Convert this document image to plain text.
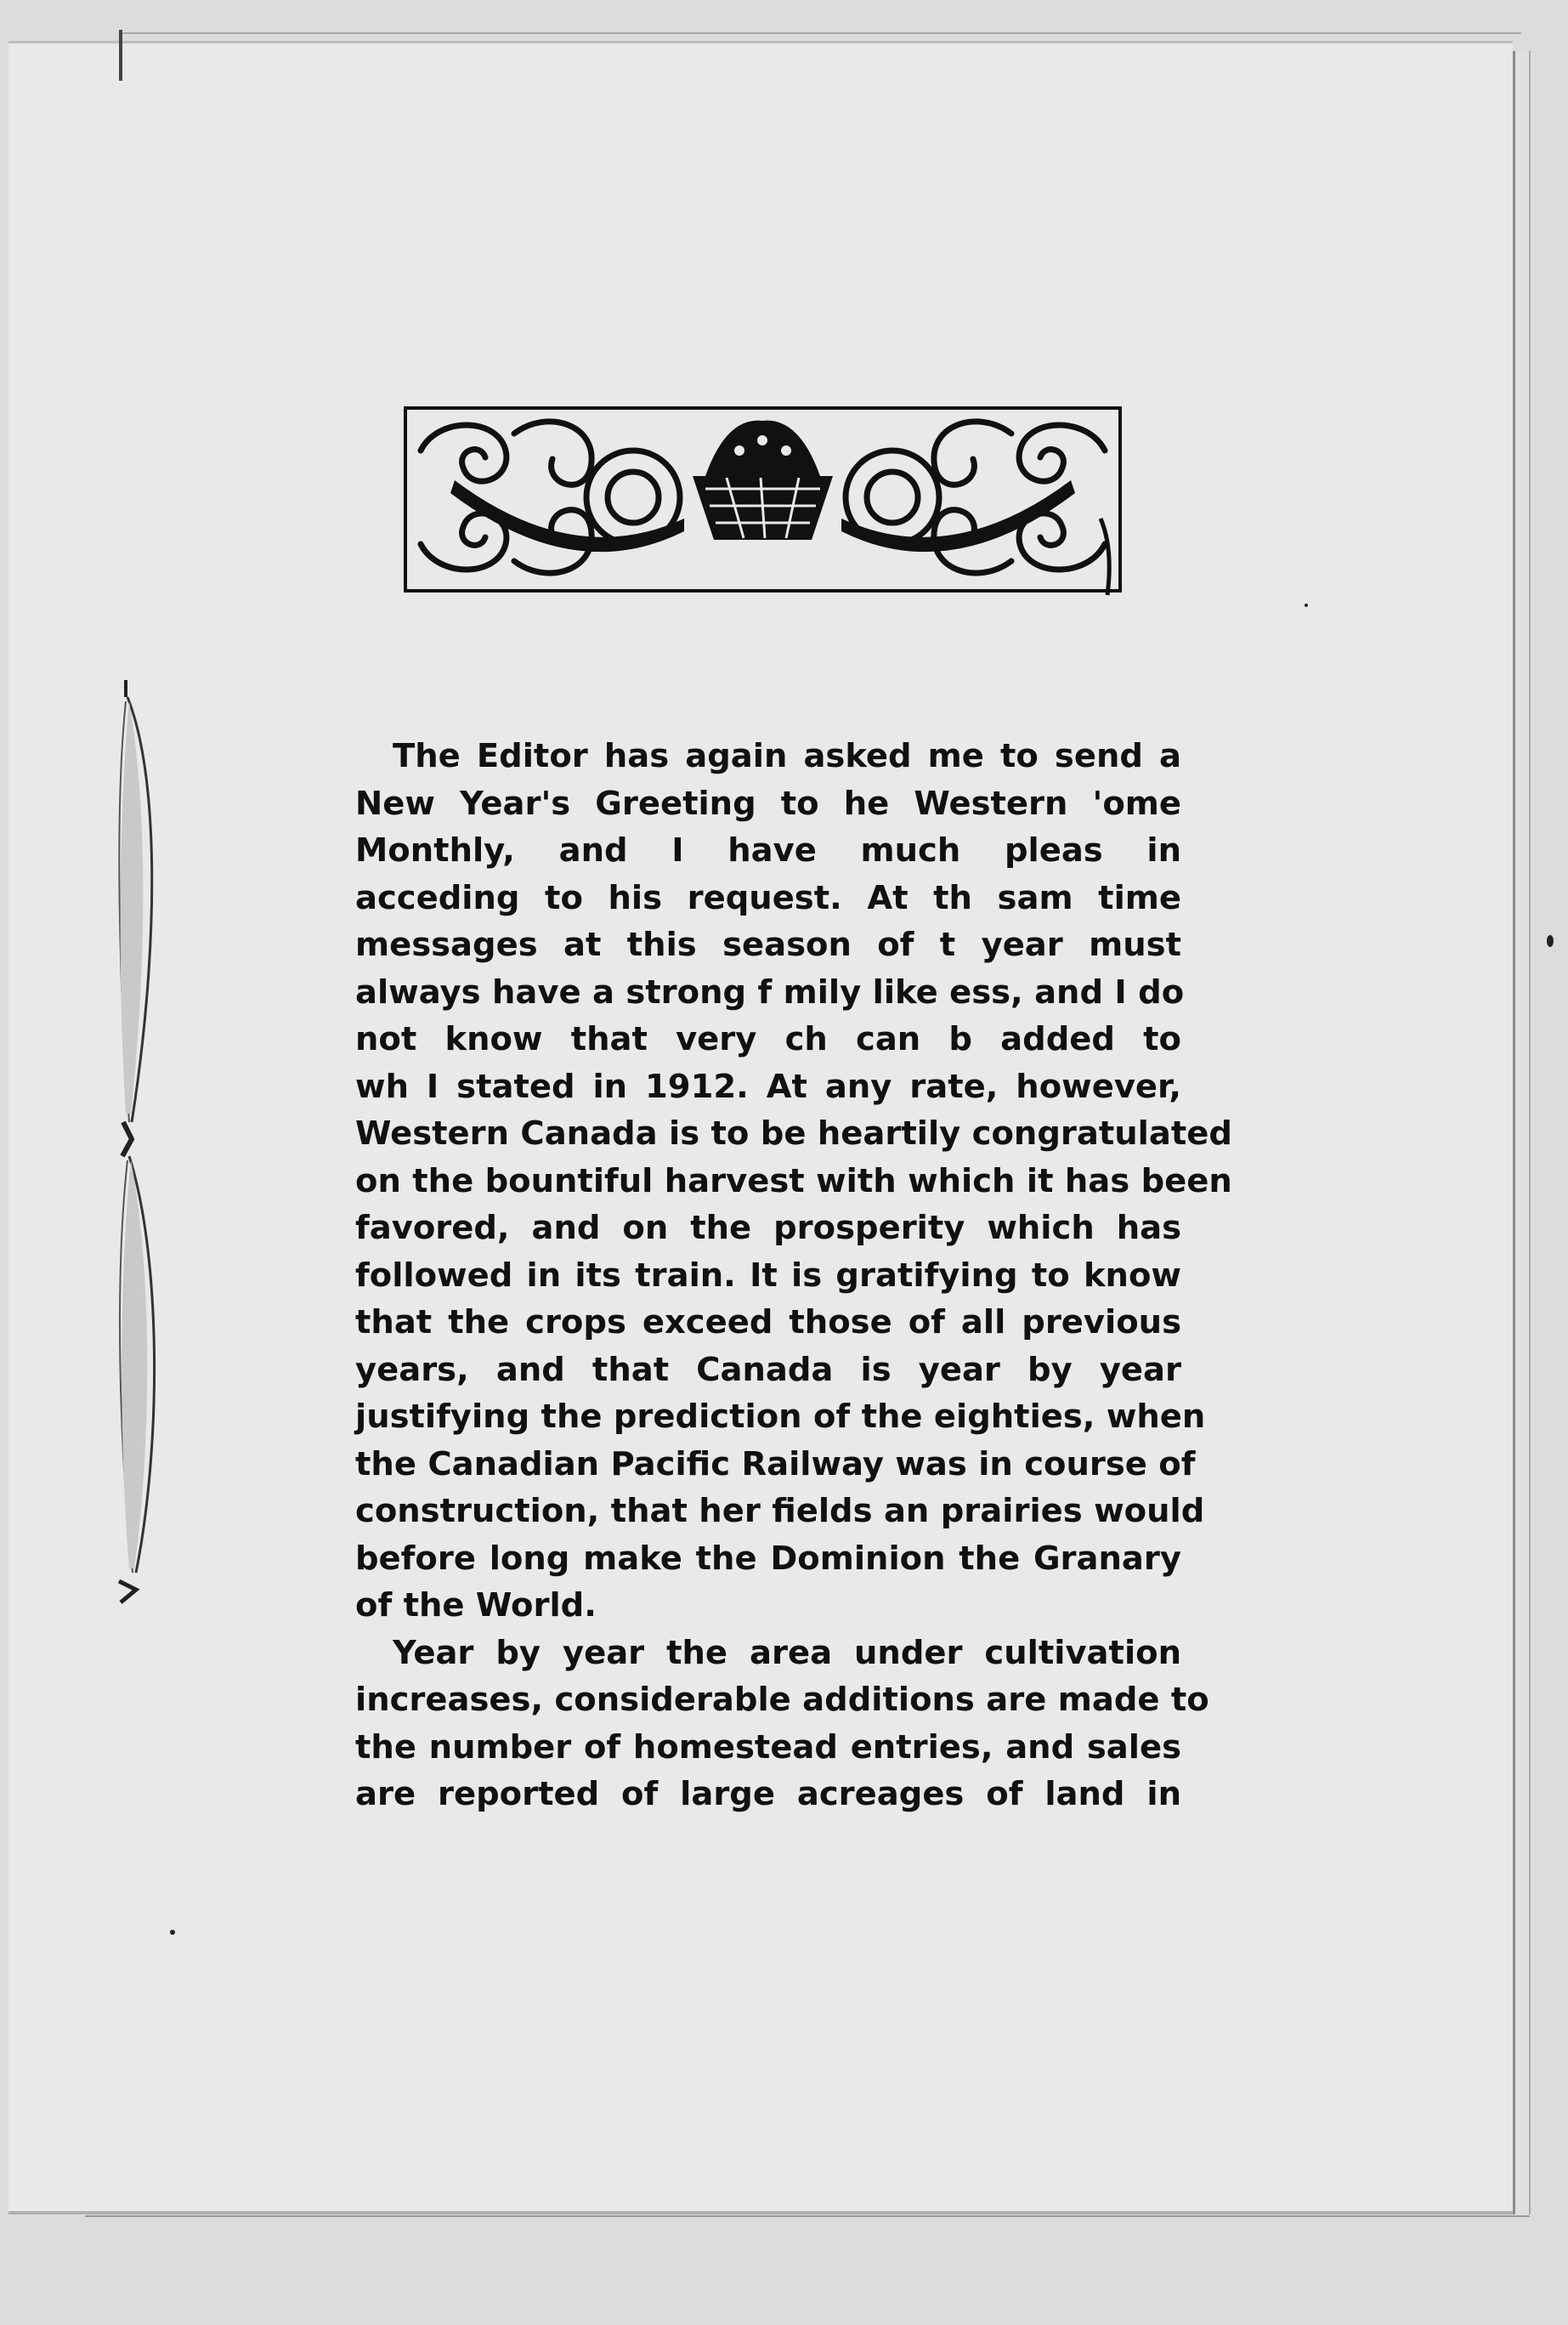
The Editor has again asked me to send a
New Year's Greeting to he Western 'ome
Monthly, and I have much pleas in
acceding to his request. At th sam time
messages at this season of t year must
always have a strong f mily like ess, and I do
not know that very ch can b added to
wh I stated in 1912. At any rate, however,
Western Canada is to be heartily congratulated
on the bountiful harvest with which it has been
favored, and on the prosperity which has
followed in its train. It is gratifying to know
that the crops exceed those of all previous
years, and that Canada is year by year
justifying the prediction of the eighties, when
the Canadian Pacific Railway was in course of
construction, that her fields an prairies would
before long make the Dominion the Granary
of the World.
Year by year the area under cultivation
increases, considerable additions are made to
the number of homestead entries, and sales
are reported of large acreages of land in
